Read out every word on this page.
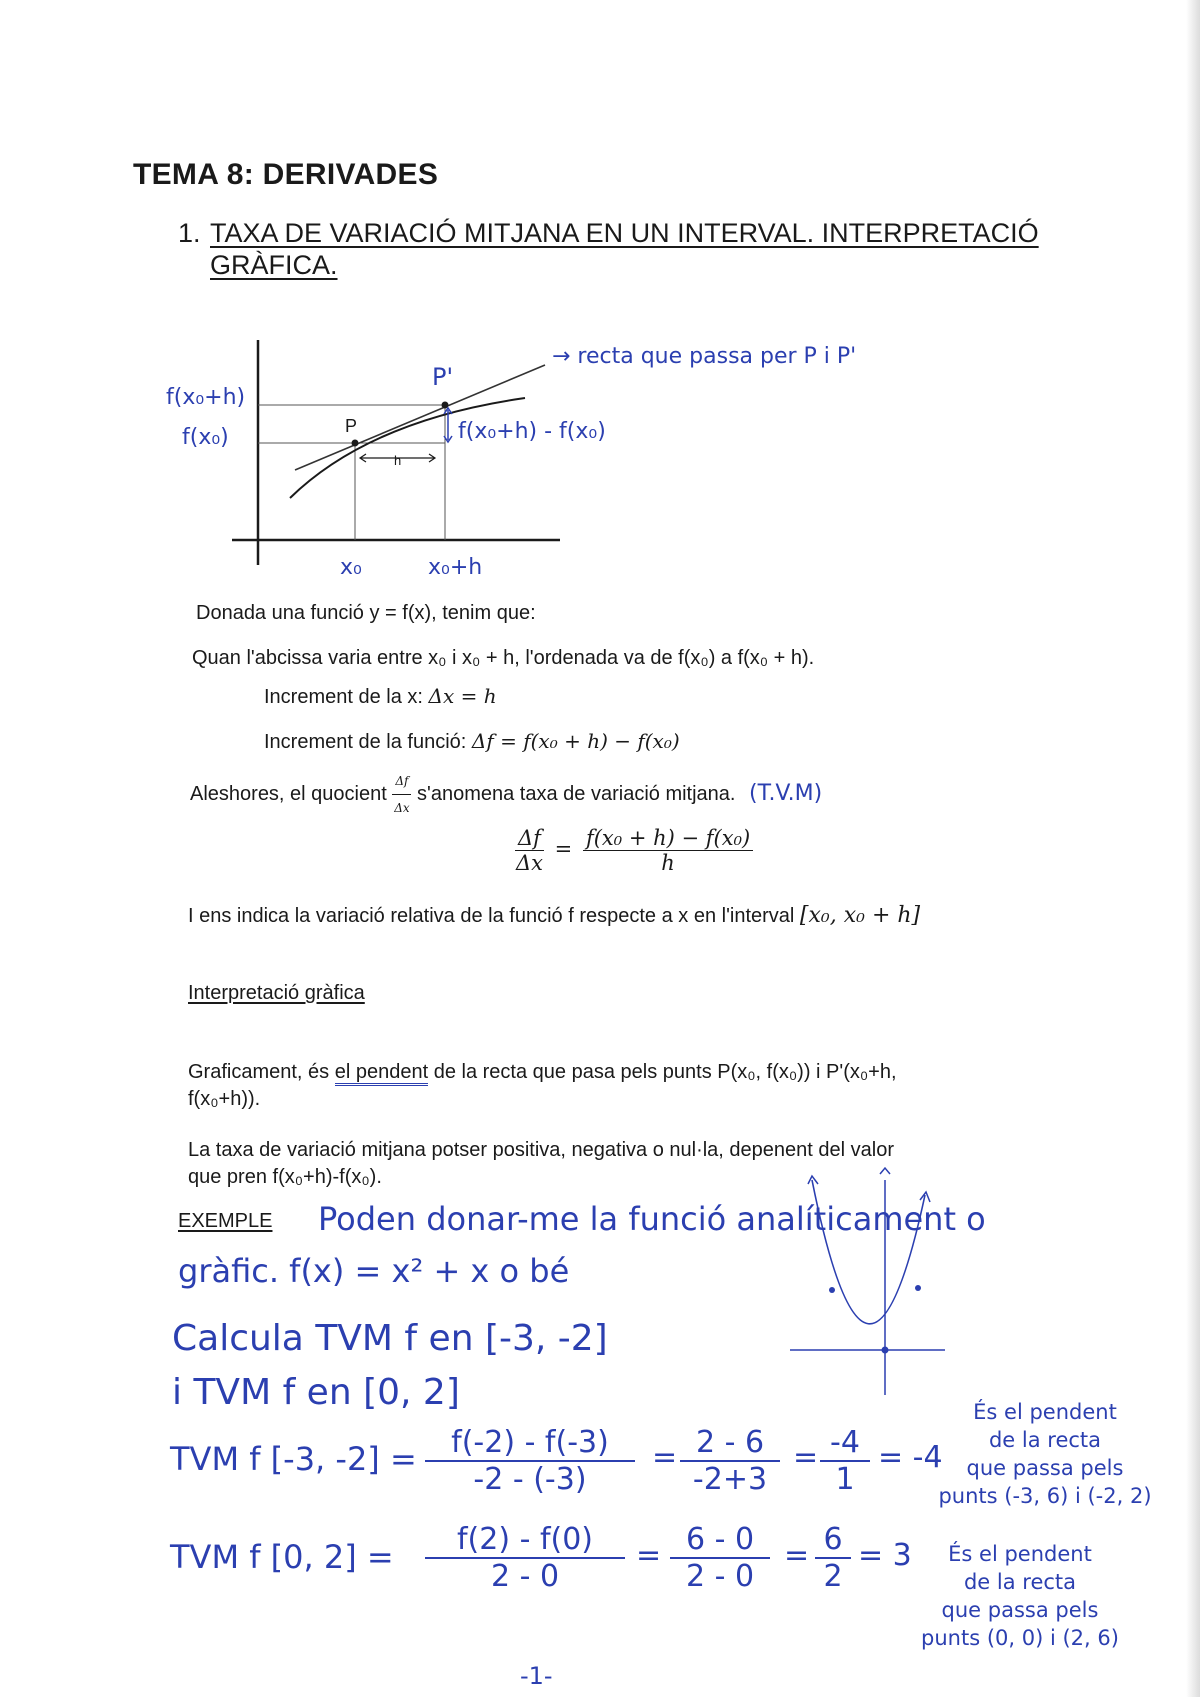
TEMA 8: DERIVADES
1. TAXA DE VARIACIÓ MITJANA EN UN INTERVAL. INTERPRETACIÓ
GRÀFICA.
f(x₀+h)
f(x₀)	P
P'
h
x₀	x₀+h
f(x₀+h) - f(x₀)
→ recta que passa per P i P'
Donada una funció y = f(x), tenim que:
Quan l'abcissa varia entre x₀ i x₀ + h, l'ordenada va de f(x₀) a f(x₀ + h).
Increment de la x: Δx = h
Increment de la funció: Δf = f(x₀ + h) − f(x₀)
Aleshores, el quocient $\frac{\Delta f}{\Delta x}$ s'anomena taxa de variació mitjana. (T.V.M)
$\frac{\Delta f}{\Delta x} = \frac{\text{f(x₀ + h) − f(x₀)}}{h}$
I ens indica la variació relativa de la funció f respecte a x en l'interval [x₀, x₀ + h]
Interpretació gràfica
Graficament, és el pendent de la recta que pasa pels punts P(x₀, f(x₀)) i P'(x₀+h,
f(x₀+h)).
La taxa de variació mitjana potser positiva, negativa o nul·la, depenent del valor
que pren f(x₀+h)-f(x₀).
EXEMPLE Poden donar-me la funció analíticament o
gràfic. f(x) = x² + x o bé
Calcula TVM f en [-3, -2]
i TVM f en [0, 2]
TVM f [-3, -2] =	f(-2) - f(-3)
-2 - (-3)
= 2 - 6
-2+3
= -4
1
= -4
TVM f [0, 2] =	f(2) - f(0)
2 - 0
= 6 - 0
2 - 0
= 6
2
= 3
És el pendent
de la recta
que passa pels
punts (-3, 6) i (-2, 2)
És el pendent
de la recta
que passa pels
punts (0, 0) i (2, 6)
-1-
